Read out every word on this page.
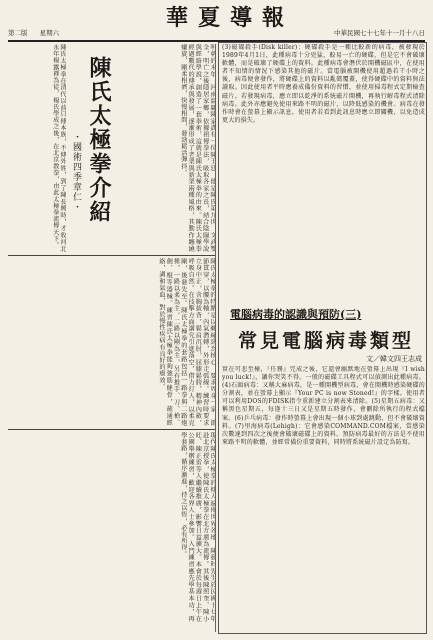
第二版 星期六
華夏導報
中華民國七十七年十一月十八日
明朝的末年，河南溫縣陳家溝有一位陳王廷，他是陳氏第九世，文武雙全，明亡之後隱居家鄉，依據祖傳拳法，吸取各家之長，結合陰陽學說與經絡學說，創造了一套拳術，這就是陳氏太極拳的由來。陳氏太極拳經過數代的傳承與發展，逐漸形成了老架與新架兩種風格，其動作纏繞螺旋，剛柔相濟，快慢相間，發勁鬆活彈抖。
陳氏太極拳介紹
・國術四季章仁・
陳氏太極拳在清代以前只傳本族，不傳外姓，到了陳長興時，才收河北永年楊露禪為徒，楊氏學成之後，在北京教拳，由此太極拳流傳天下。
陳氏太極拳的特點是以纏絲勁為核心，要求周身一家，節節貫穿，以腰為軸，內氣潛轉，外形走弧線。練習時要求立身中正，含胸拔背，鬆肩沉肘，屈膝鬆胯，精神內斂，呼吸自然。在技擊方面講究引進落空，借力打人，以柔克剛，後發先至。陳氏太極拳的套路包括一路拳與二路炮捶，一路以柔為主，二路以剛為主，另有推手、刀、槍、劍、棍等器械。練習陳氏太極拳能夠強筋健骨，疏通經絡，調和氣血，對於慢性疾病有良好的療效。
現代陳氏太極拳的傳人遍佈世界各地，陳發科先生於民國十七年赴北京授拳，使陳氏太極拳在北方廣為流傳。其後陳照奎、陳小旺、陳正雷等人繼續推廣，影響日益擴大。本會於每週日上午在公園舉辦練習，歡迎各界人士參加。入門練習應先學基本功，再學套路，循序漸進，持之以恆，必有所得。
(3)磁碟殺手(Disk killer)：硬碟殺手是一種比較新的病毒，被發現於1989年4月1日，此種病毒十分兇猛，較易一亡的硬碟，但是它不會破壞軟體，而是破壞了硬碟上的資料。此種病毒會潛伏於開機磁區中，在使用者不知情的情況下感染其他的磁片。當電腦被開機使用超過若干小時之後，病毒便會發作，將硬碟上的資料以亂碼覆蓋，使得硬碟中的資料無法讀取。因此使用者平時應養成備份資料的習慣，並使用掃毒程式定期檢查磁片。若發現病毒，應立即以乾淨的系統磁片開機，再執行解毒程式清除病毒。此外亦應避免使用來路不明的磁片，以降低感染的機會。病毒在發作時會在螢幕上顯示訊息，使用者若看到此訊息時應立即關機，以免造成更大的損失。
電腦病毒的認識與預防(三)
常見電腦病毒類型
文／韓文四王志成
實在可悲至極，『任務』完成之後，它還會幽默地在螢幕上出現『I wish you luck!』，讓你哭笑不得。一般的磁碟工具程式可以偵測出此種病毒。(4)石頭病毒：又稱大麻病毒，是一種開機型病毒，會在開機時感染硬碟的分割表，並在螢幕上顯示『Your PC is now Stoned!』的字樣。使用者可以利用DOS的FDISK指令重新建立分割表來清除。(5)星期五病毒：又稱黑色星期五，每逢十三日又是星期五時發作，會刪除所執行的程式檔案。(6)乒乓病毒：發作時螢幕上會出現一個小球到處跳動，但不會破壞資料。(7)里海病毒(Lehigh)：它會感染COMMAND.COM檔案，當感染次數達到四次之後便會破壞磁碟上的資料。預防病毒最好的方法是不使用來路不明的軟體，並經常備份重要資料，同時將系統磁片設定為防寫。
